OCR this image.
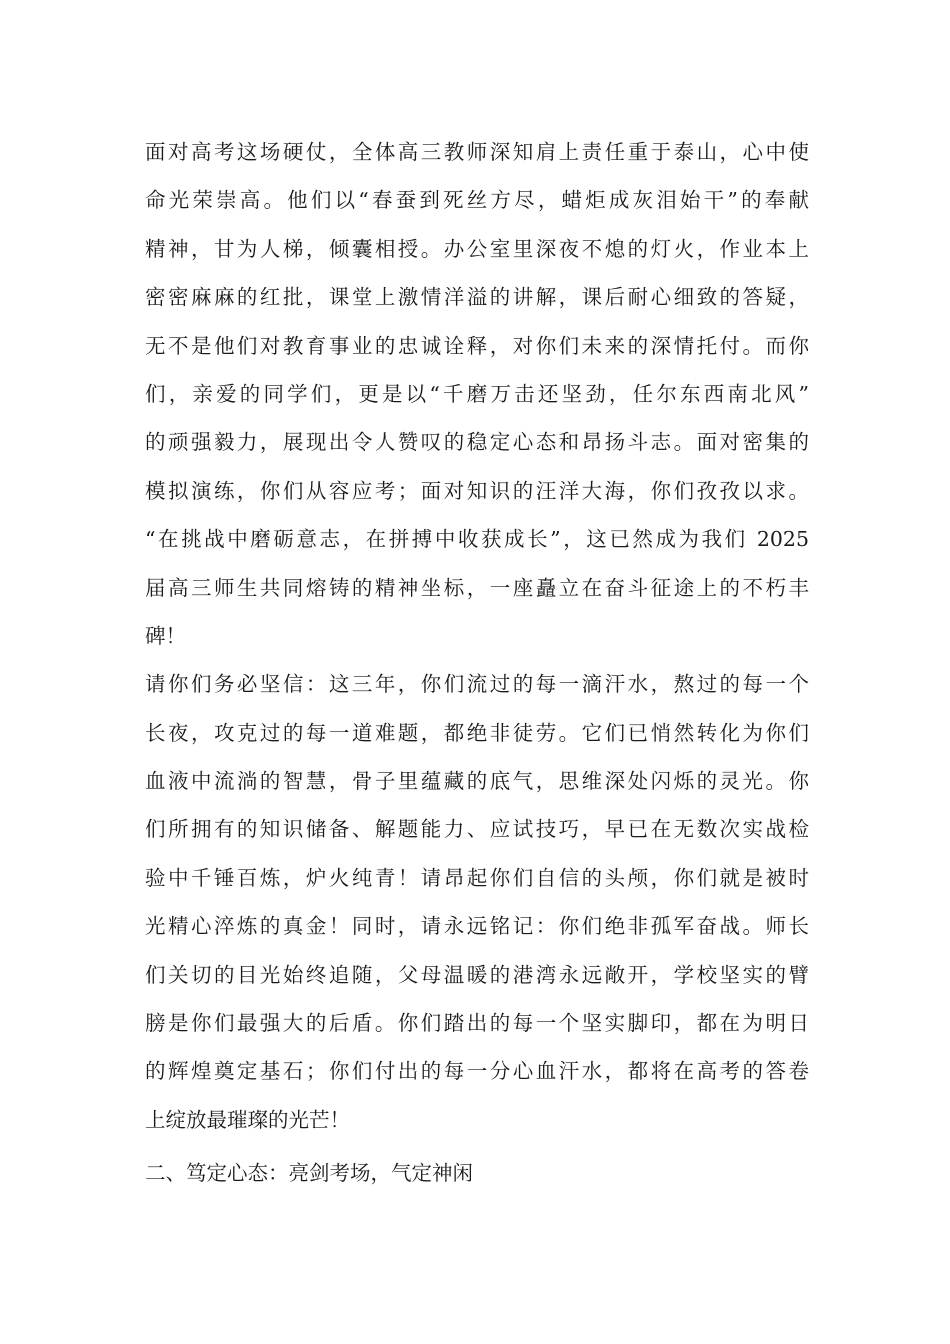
面对高考这场硬仗，全体高三教师深知肩上责任重于泰山，心中使
命光荣崇高。他们以“春蚕到死丝方尽，蜡炬成灰泪始干”的奉献
精神，甘为人梯，倾囊相授。办公室里深夜不熄的灯火，作业本上
密密麻麻的红批，课堂上激情洋溢的讲解，课后耐心细致的答疑，
无不是他们对教育事业的忠诚诠释，对你们未来的深情托付。而你
们，亲爱的同学们，更是以“千磨万击还坚劲，任尔东西南北风”
的顽强毅力，展现出令人赞叹的稳定心态和昂扬斗志。面对密集的
模拟演练，你们从容应考；面对知识的汪洋大海，你们孜孜以求。
“在挑战中磨砺意志，在拼搏中收获成长”，这已然成为我们 2025
届高三师生共同熔铸的精神坐标，一座矗立在奋斗征途上的不朽丰
碑！
请你们务必坚信：这三年，你们流过的每一滴汗水，熬过的每一个
长夜，攻克过的每一道难题，都绝非徒劳。它们已悄然转化为你们
血液中流淌的智慧，骨子里蕴藏的底气，思维深处闪烁的灵光。你
们所拥有的知识储备、解题能力、应试技巧，早已在无数次实战检
验中千锤百炼，炉火纯青！请昂起你们自信的头颅，你们就是被时
光精心淬炼的真金！同时，请永远铭记：你们绝非孤军奋战。师长
们关切的目光始终追随，父母温暖的港湾永远敞开，学校坚实的臂
膀是你们最强大的后盾。你们踏出的每一个坚实脚印，都在为明日
的辉煌奠定基石；你们付出的每一分心血汗水，都将在高考的答卷
上绽放最璀璨的光芒！
二、笃定心态：亮剑考场，气定神闲
